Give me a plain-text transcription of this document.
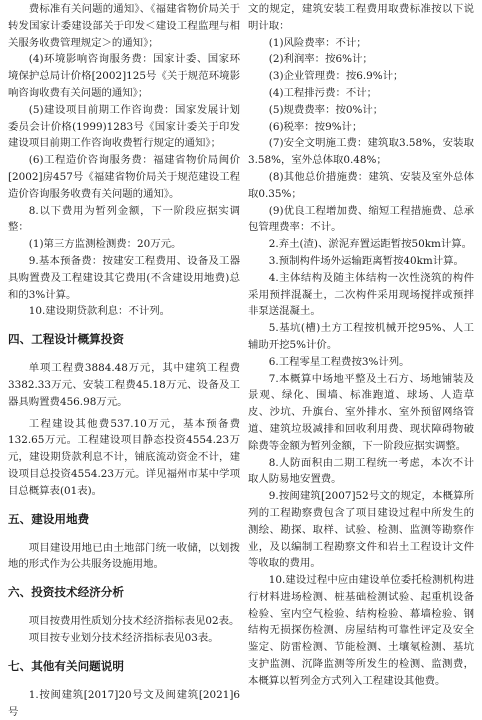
费标准有关问题的通知》、《福建省物价局关于转发国家计委建设部关于印发＜建设工程监理与相关服务收费管理规定＞的通知》；

(4)环境影响咨询服务费：国家计委、国家环境保护总局计价格[2002]125号《关于规范环境影响咨询收费有关问题的通知》；

(5)建设项目前期工作咨询费：国家发展计划委员会计价格(1999)1283号《国家计委关于印发建设项目前期工作咨询收费暂行规定的通知》；

(6)工程造价咨询服务费：福建省物价局闽价[2002]房457号《福建省物价局关于规范建设工程造价咨询服务收费有关问题的通知》。

8.以下费用为暂列金额，下一阶段应据实调整：

(1)第三方监测检测费：20万元。

9.基本预备费：按建安工程费用、设备及工器具购置费及工程建设其它费用(不含建设用地费)总和的3%计算。

10.建设期贷款利息：不计列。

四、工程设计概算投资

单项工程费3884.48万元，其中建筑工程费3382.33万元、安装工程费45.18万元、设备及工器具购置费456.98万元。

工程建设其他费537.10万元，基本预备费132.65万元。工程建设项目静态投资4554.23万元，建设期贷款利息不计，铺底流动资金不计，建设项目总投资4554.23万元。详见福州市某中学项目总概算表(01表)。

五、建设用地费

项目建设用地已由土地部门统一收储，以划拨地的形式作为公共服务设施用地。

六、投资技术经济分析

项目按费用性质划分技术经济指标表见02表。

项目按专业划分技术经济指标表见03表。

七、其他有关问题说明

1.按闽建筑[2017]20号文及闽建筑[2021]6号

文的规定，建筑安装工程费用取费标准按以下说明计取：

(1)风险费率：不计；

(2)利润率：按6%计；

(3)企业管理费：按6.9%计；

(4)工程排污费：不计；

(5)规费费率：按0%计；

(6)税率：按9%计；

(7)安全文明施工费：建筑取3.58%，安装取3.58%，室外总体取0.48%；

(8)其他总价措施费：建筑、安装及室外总体取0.35%；

(9)优良工程增加费、缩短工程措施费、总承包管理费率：不计。

2.弃土(渣)、淤泥弃置运距暂按50km计算。

3.预制构件场外运输距离暂按40km计算。

4.主体结构及随主体结构一次性浇筑的构件采用预拌混凝土，二次构件采用现场搅拌或预拌非泵送混凝土。

5.基坑(槽)土方工程按机械开挖95%、人工辅助开挖5%计价。

6.工程零星工程费按3%计列。

7.本概算中场地平整及土石方、场地铺装及景观、绿化、围墙、标准跑道、球场、人造草皮、沙坑、升旗台、室外排水、室外预留网络管道、建筑垃圾减排和回收利用费、现状障碍物破除费等金额为暂列金额，下一阶段应据实调整。

8.人防面积由二期工程统一考虑，本次不计取人防易地安置费。

9.按闽建筑[2007]52号文的规定，本概算所列的工程勘察费包含了项目建设过程中所发生的测绘、勘探、取样、试验、检测、监测等勘察作业，及以编制工程勘察文件和岩土工程设计文件等收取的费用。

10.建设过程中应由建设单位委托检测机构进行材料进场检测、桩基础检测试验、起重机设备检验、室内空气检验、结构检验、幕墙检验、钢结构无损探伤检测、房屋结构可靠性评定及安全鉴定、防雷检测、节能检测、土壤氡检测、基坑支护监测、沉降监测等所发生的检测、监测费，本概算以暂列金方式列入工程建设其他费。
